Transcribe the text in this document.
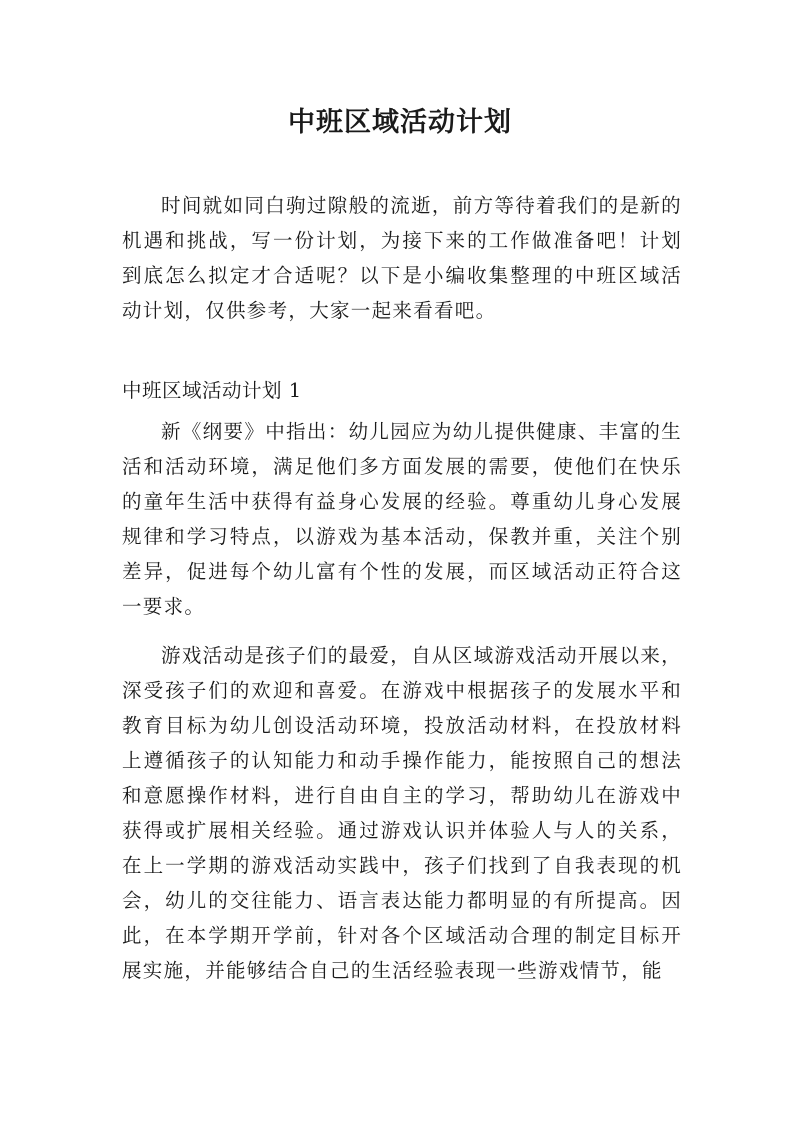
中班区域活动计划

时间就如同白驹过隙般的流逝，前方等待着我们的是新的机遇和挑战，写一份计划，为接下来的工作做准备吧！计划到底怎么拟定才合适呢？以下是小编收集整理的中班区域活动计划，仅供参考，大家一起来看看吧。

中班区域活动计划 1

新《纲要》中指出：幼儿园应为幼儿提供健康、丰富的生活和活动环境，满足他们多方面发展的需要，使他们在快乐的童年生活中获得有益身心发展的经验。尊重幼儿身心发展规律和学习特点，以游戏为基本活动，保教并重，关注个别差异，促进每个幼儿富有个性的发展，而区域活动正符合这一要求。

游戏活动是孩子们的最爱，自从区域游戏活动开展以来，深受孩子们的欢迎和喜爱。在游戏中根据孩子的发展水平和教育目标为幼儿创设活动环境，投放活动材料，在投放材料上遵循孩子的认知能力和动手操作能力，能按照自己的想法和意愿操作材料，进行自由自主的学习，帮助幼儿在游戏中获得或扩展相关经验。通过游戏认识并体验人与人的关系，在上一学期的游戏活动实践中，孩子们找到了自我表现的机会，幼儿的交往能力、语言表达能力都明显的有所提高。因此，在本学期开学前，针对各个区域活动合理的制定目标开展实施，并能够结合自己的生活经验表现一些游戏情节，能
